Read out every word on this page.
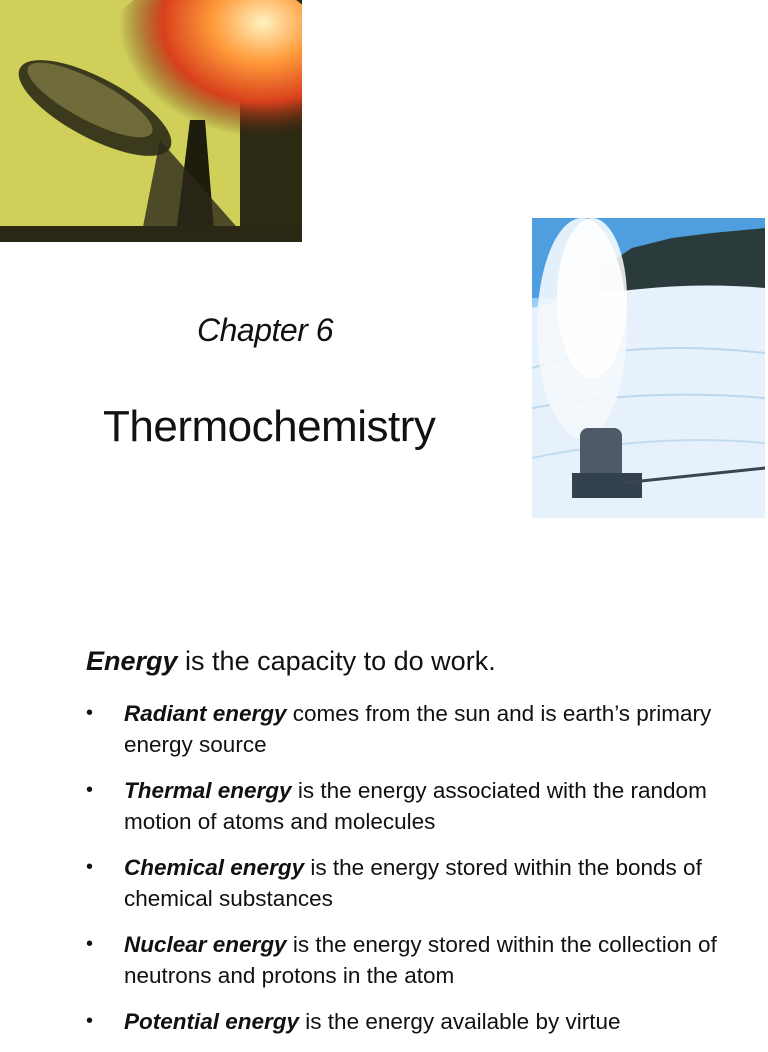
Chapter 6
Thermochemistry
Energy is the capacity to do work.
• Radiant energy comes from the sun and is earth’s primary energy source
• Thermal energy is the energy associated with the random motion of atoms and molecules
• Chemical energy is the energy stored within the bonds of chemical substances
• Nuclear energy is the energy stored within the collection of neutrons and protons in the atom
• Potential energy is the energy available by virtue
